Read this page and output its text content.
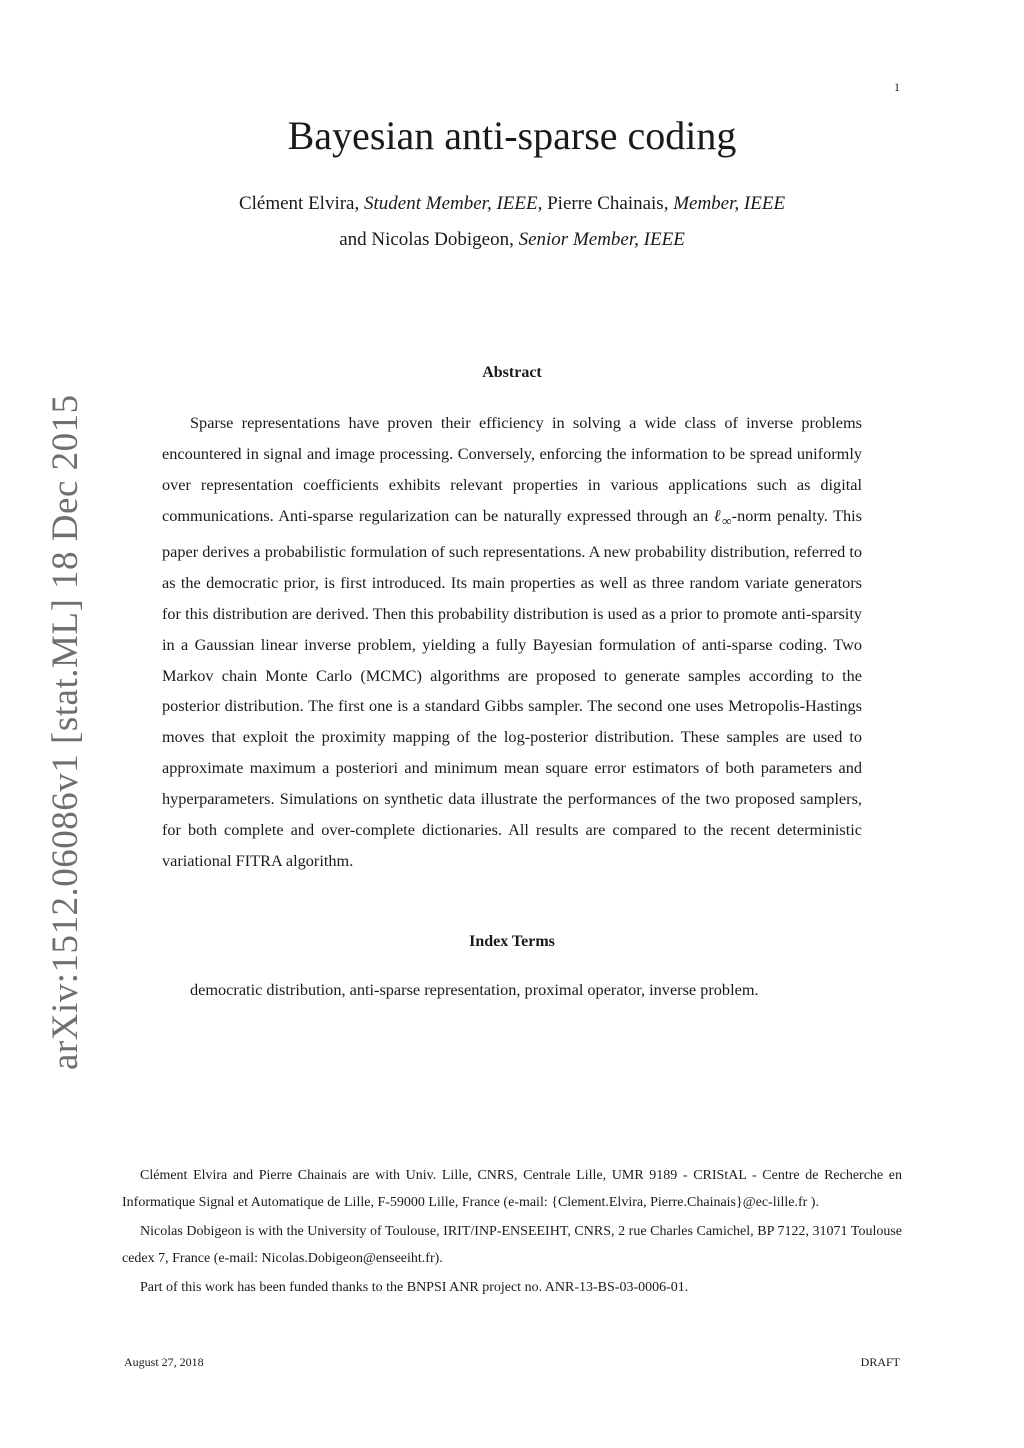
1
arXiv:1512.06086v1 [stat.ML] 18 Dec 2015
Bayesian anti-sparse coding
Clément Elvira, Student Member, IEEE, Pierre Chainais, Member, IEEE
and Nicolas Dobigeon, Senior Member, IEEE
Abstract

Sparse representations have proven their efficiency in solving a wide class of inverse problems encountered in signal and image processing. Conversely, enforcing the information to be spread uniformly over representation coefficients exhibits relevant properties in various applications such as digital communications. Anti-sparse regularization can be naturally expressed through an ℓ$_\infty$-norm penalty. This paper derives a probabilistic formulation of such representations. A new probability distribution, referred to as the democratic prior, is first introduced. Its main properties as well as three random variate generators for this distribution are derived. Then this probability distribution is used as a prior to promote anti-sparsity in a Gaussian linear inverse problem, yielding a fully Bayesian formulation of anti-sparse coding. Two Markov chain Monte Carlo (MCMC) algorithms are proposed to generate samples according to the posterior distribution. The first one is a standard Gibbs sampler. The second one uses Metropolis-Hastings moves that exploit the proximity mapping of the log-posterior distribution. These samples are used to approximate maximum a posteriori and minimum mean square error estimators of both parameters and hyperparameters. Simulations on synthetic data illustrate the performances of the two proposed samplers, for both complete and over-complete dictionaries. All results are compared to the recent deterministic variational FITRA algorithm.

Index Terms

democratic distribution, anti-sparse representation, proximal operator, inverse problem.

Clément Elvira and Pierre Chainais are with Univ. Lille, CNRS, Centrale Lille, UMR 9189 - CRIStAL - Centre de Recherche en Informatique Signal et Automatique de Lille, F-59000 Lille, France (e-mail: {Clement.Elvira, Pierre.Chainais}@ec-lille.fr ).

Nicolas Dobigeon is with the University of Toulouse, IRIT/INP-ENSEEIHT, CNRS, 2 rue Charles Camichel, BP 7122, 31071 Toulouse cedex 7, France (e-mail: Nicolas.Dobigeon@enseeiht.fr).

Part of this work has been funded thanks to the BNPSI ANR project no. ANR-13-BS-03-0006-01.

August 27, 2018	DRAFT
